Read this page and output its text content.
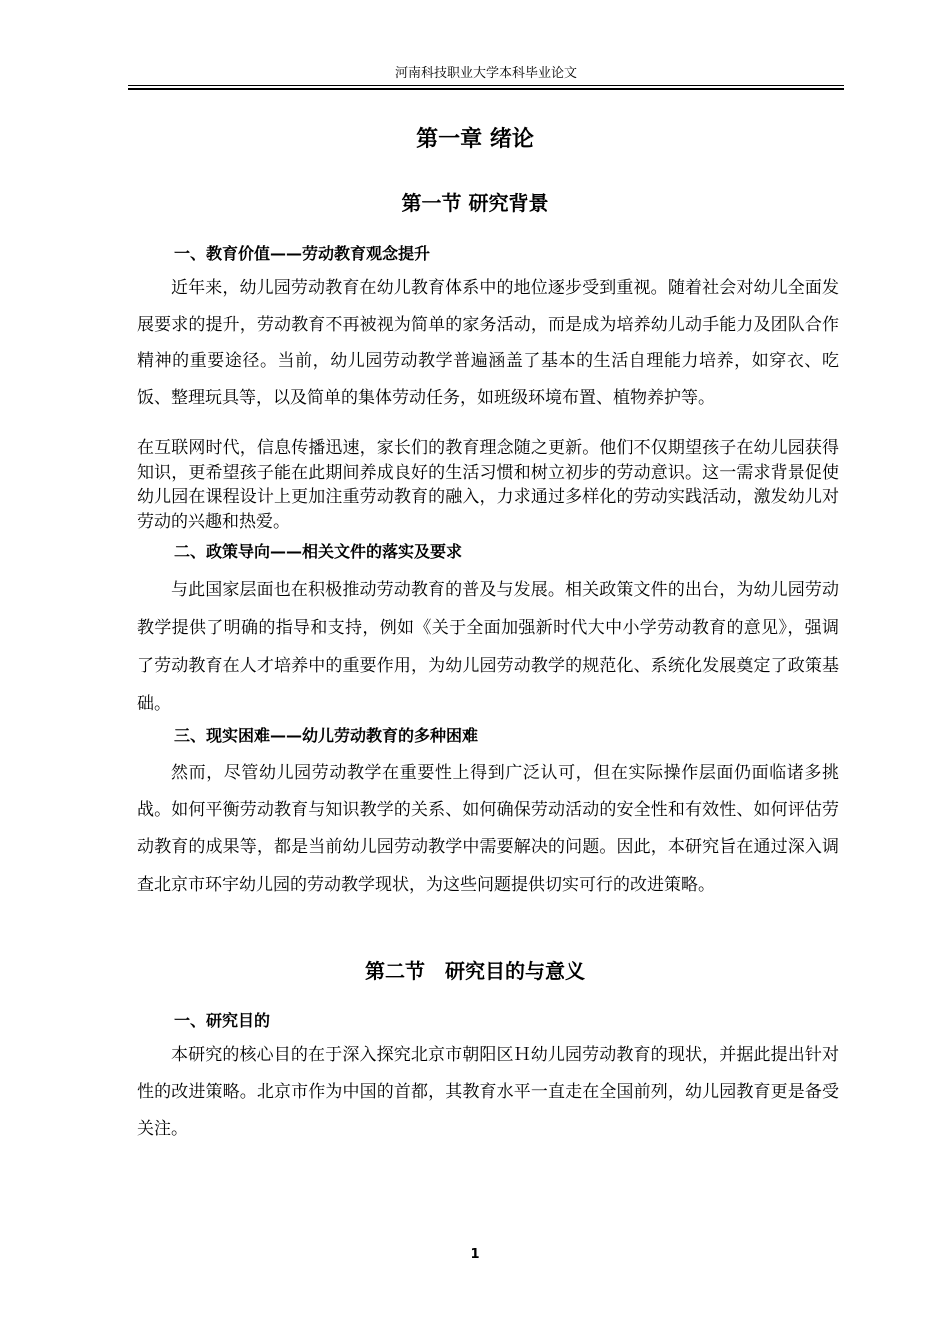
河南科技职业大学本科毕业论文
第一章 绪论
第一节 研究背景
一、教育价值——劳动教育观念提升
近年来，幼儿园劳动教育在幼儿教育体系中的地位逐步受到重视。随着社会对幼儿全面发展要求的提升，劳动教育不再被视为简单的家务活动，而是成为培养幼儿动手能力及团队合作精神的重要途径。当前，幼儿园劳动教学普遍涵盖了基本的生活自理能力培养，如穿衣、吃饭、整理玩具等，以及简单的集体劳动任务，如班级环境布置、植物养护等。
在互联网时代，信息传播迅速，家长们的教育理念随之更新。他们不仅期望孩子在幼儿园获得知识，更希望孩子能在此期间养成良好的生活习惯和树立初步的劳动意识。这一需求背景促使幼儿园在课程设计上更加注重劳动教育的融入，力求通过多样化的劳动实践活动，激发幼儿对劳动的兴趣和热爱。
二、政策导向——相关文件的落实及要求
与此国家层面也在积极推动劳动教育的普及与发展。相关政策文件的出台，为幼儿园劳动教学提供了明确的指导和支持，例如《关于全面加强新时代大中小学劳动教育的意见》，强调了劳动教育在人才培养中的重要作用，为幼儿园劳动教学的规范化、系统化发展奠定了政策基础。
三、现实困难——幼儿劳动教育的多种困难
然而，尽管幼儿园劳动教学在重要性上得到广泛认可，但在实际操作层面仍面临诸多挑战。如何平衡劳动教育与知识教学的关系、如何确保劳动活动的安全性和有效性、如何评估劳动教育的成果等，都是当前幼儿园劳动教学中需要解决的问题。因此，本研究旨在通过深入调查北京市环宇幼儿园的劳动教学现状，为这些问题提供切实可行的改进策略。
第二节　研究目的与意义
一、研究目的
本研究的核心目的在于深入探究北京市朝阳区Ｈ幼儿园劳动教育的现状，并据此提出针对性的改进策略。北京市作为中国的首都，其教育水平一直走在全国前列，幼儿园教育更是备受关注。
1
